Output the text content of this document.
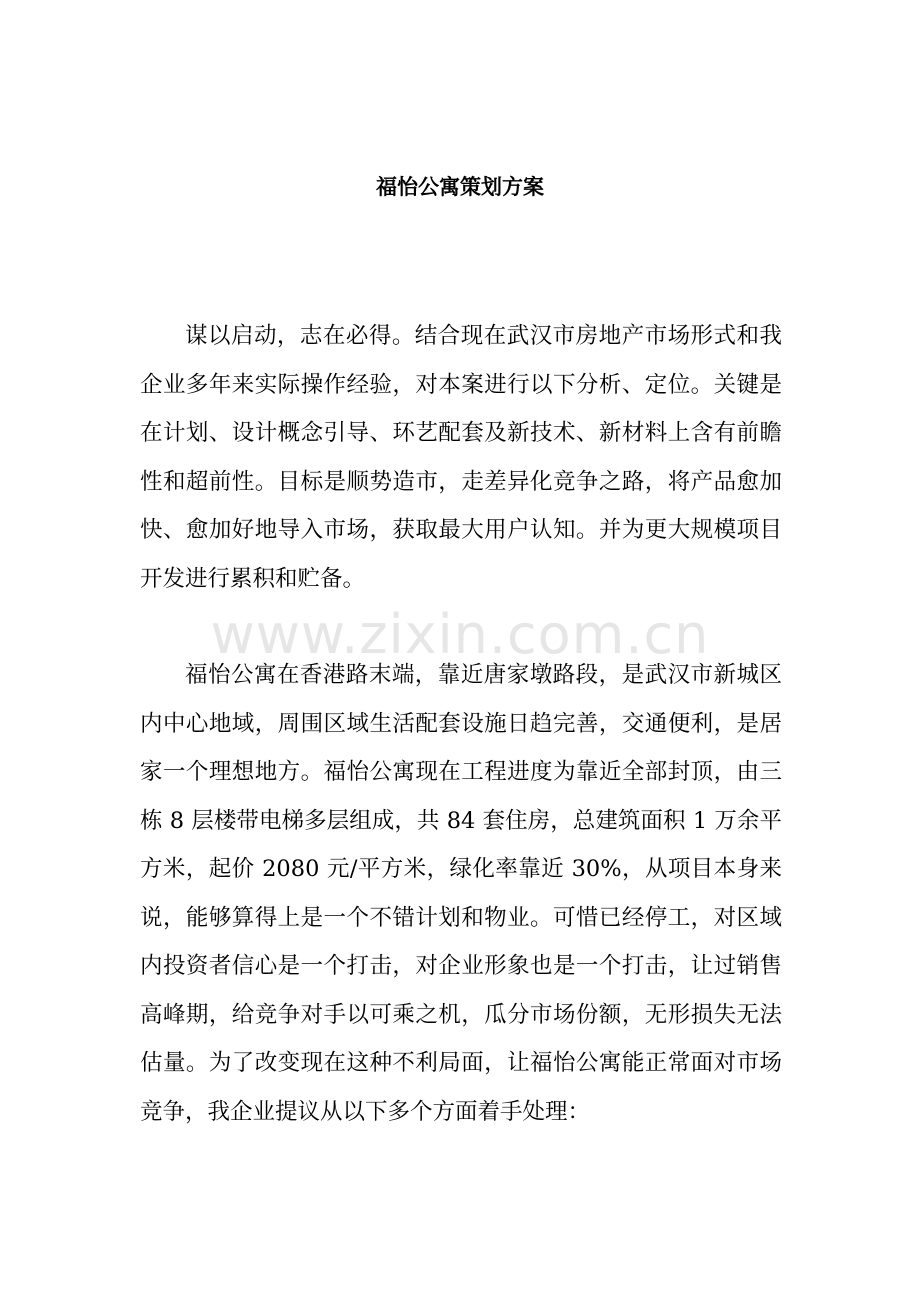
www.zixin.com.cn
福怡公寓策划方案

谋以启动，志在必得。结合现在武汉市房地产市场形式和我企业多年来实际操作经验，对本案进行以下分析、定位。关键是在计划、设计概念引导、环艺配套及新技术、新材料上含有前瞻性和超前性。目标是顺势造市，走差异化竞争之路，将产品愈加快、愈加好地导入市场，获取最大用户认知。并为更大规模项目开发进行累积和贮备。

福怡公寓在香港路末端，靠近唐家墩路段，是武汉市新城区内中心地域，周围区域生活配套设施日趋完善，交通便利，是居家一个理想地方。福怡公寓现在工程进度为靠近全部封顶，由三栋 8 层楼带电梯多层组成，共 84 套住房，总建筑面积 1 万余平方米，起价 2080 元/平方米，绿化率靠近 30%，从项目本身来说，能够算得上是一个不错计划和物业。可惜已经停工，对区域内投资者信心是一个打击，对企业形象也是一个打击，让过销售高峰期，给竞争对手以可乘之机，瓜分市场份额，无形损失无法估量。为了改变现在这种不利局面，让福怡公寓能正常面对市场竞争，我企业提议从以下多个方面着手处理：
